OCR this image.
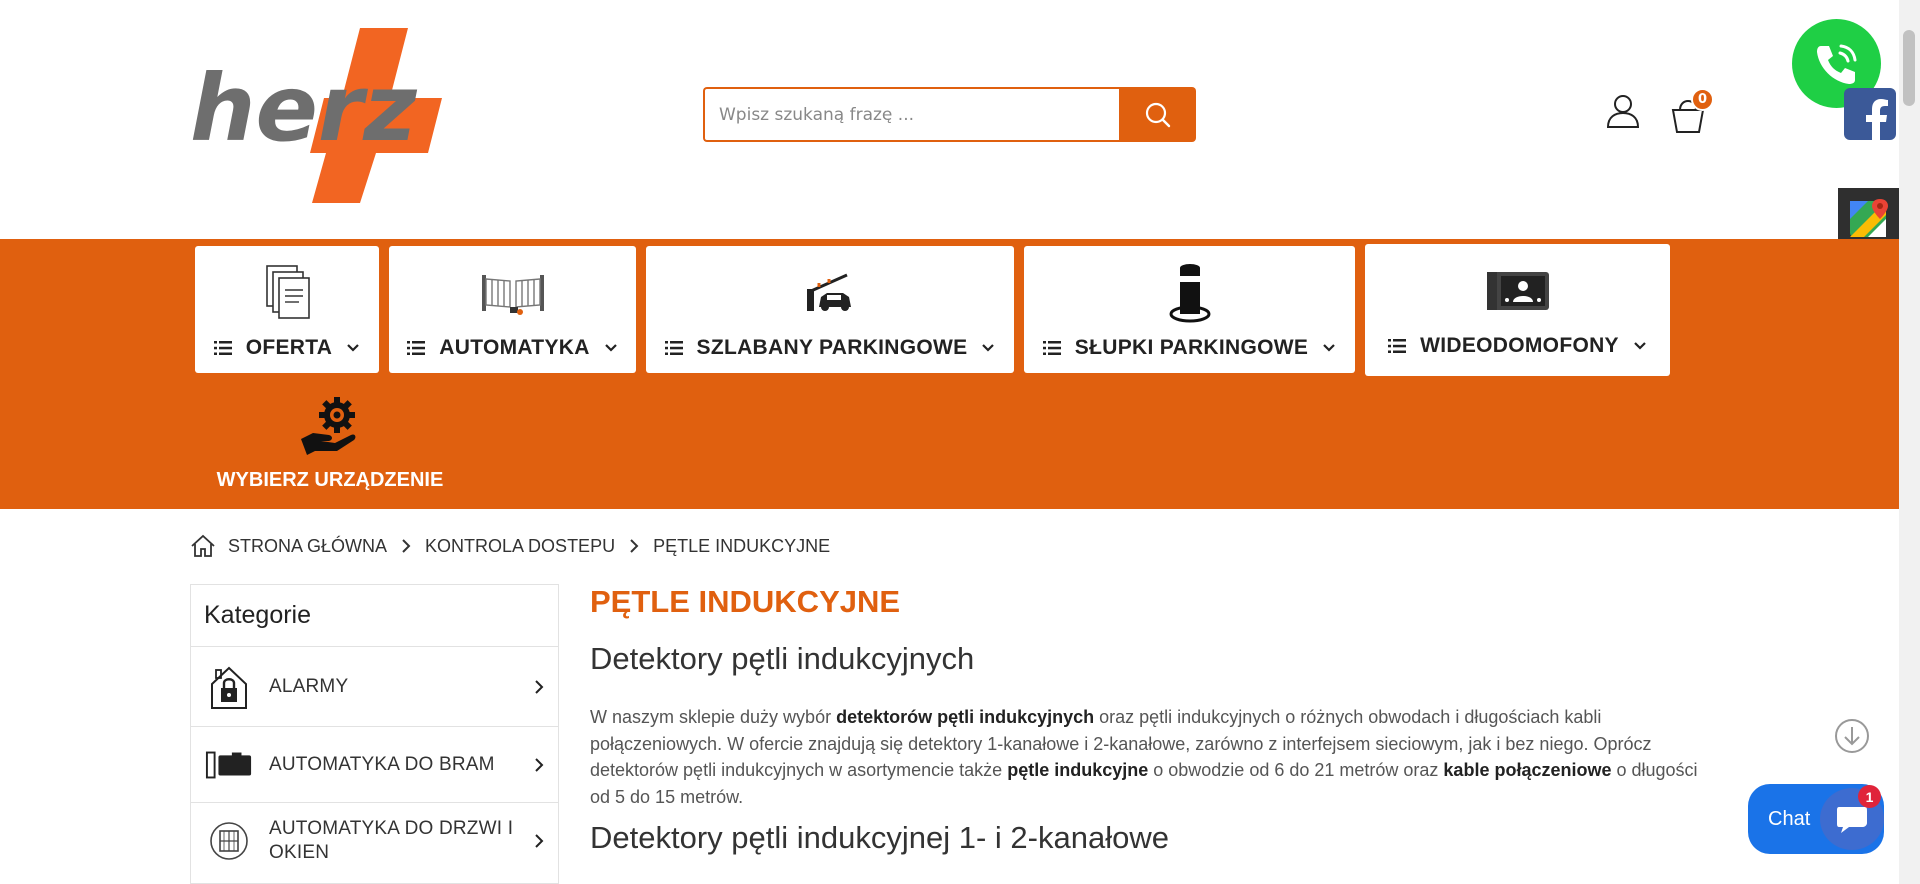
herz
Wpisz szukaną frazę ...	0
OFERTA	AUTOMATYKA	SZLABANY PARKINGOWE	SŁUPKI PARKINGOWE	WIDEODOMOFONY
WYBIERZ URZĄDZENIE
STRONA GŁÓWNA KONTROLA DOSTEPU PĘTLE INDUKCYJNE
Kategorie
ALARMY
AUTOMATYKA DO BRAM
AUTOMATYKA DO DRZWI I OKIEN
PĘTLE INDUKCYJNE
Detektory pętli indukcyjnych

W naszym sklepie duży wybór detektorów pętli indukcyjnych oraz pętli indukcyjnych o różnych obwodach i długościach kabli połączeniowych. W ofercie znajdują się detektory 1-kanałowe i 2-kanałowe, zarówno z interfejsem sieciowym, jak i bez niego. Oprócz detektorów pętli indukcyjnych w asortymencie także pętle indukcyjne o obwodzie od 6 do 21 metrów oraz kable połączeniowe o długości od 5 do 15 metrów.

Detektory pętli indukcyjnej 1- i 2-kanałowe
Chat
1
